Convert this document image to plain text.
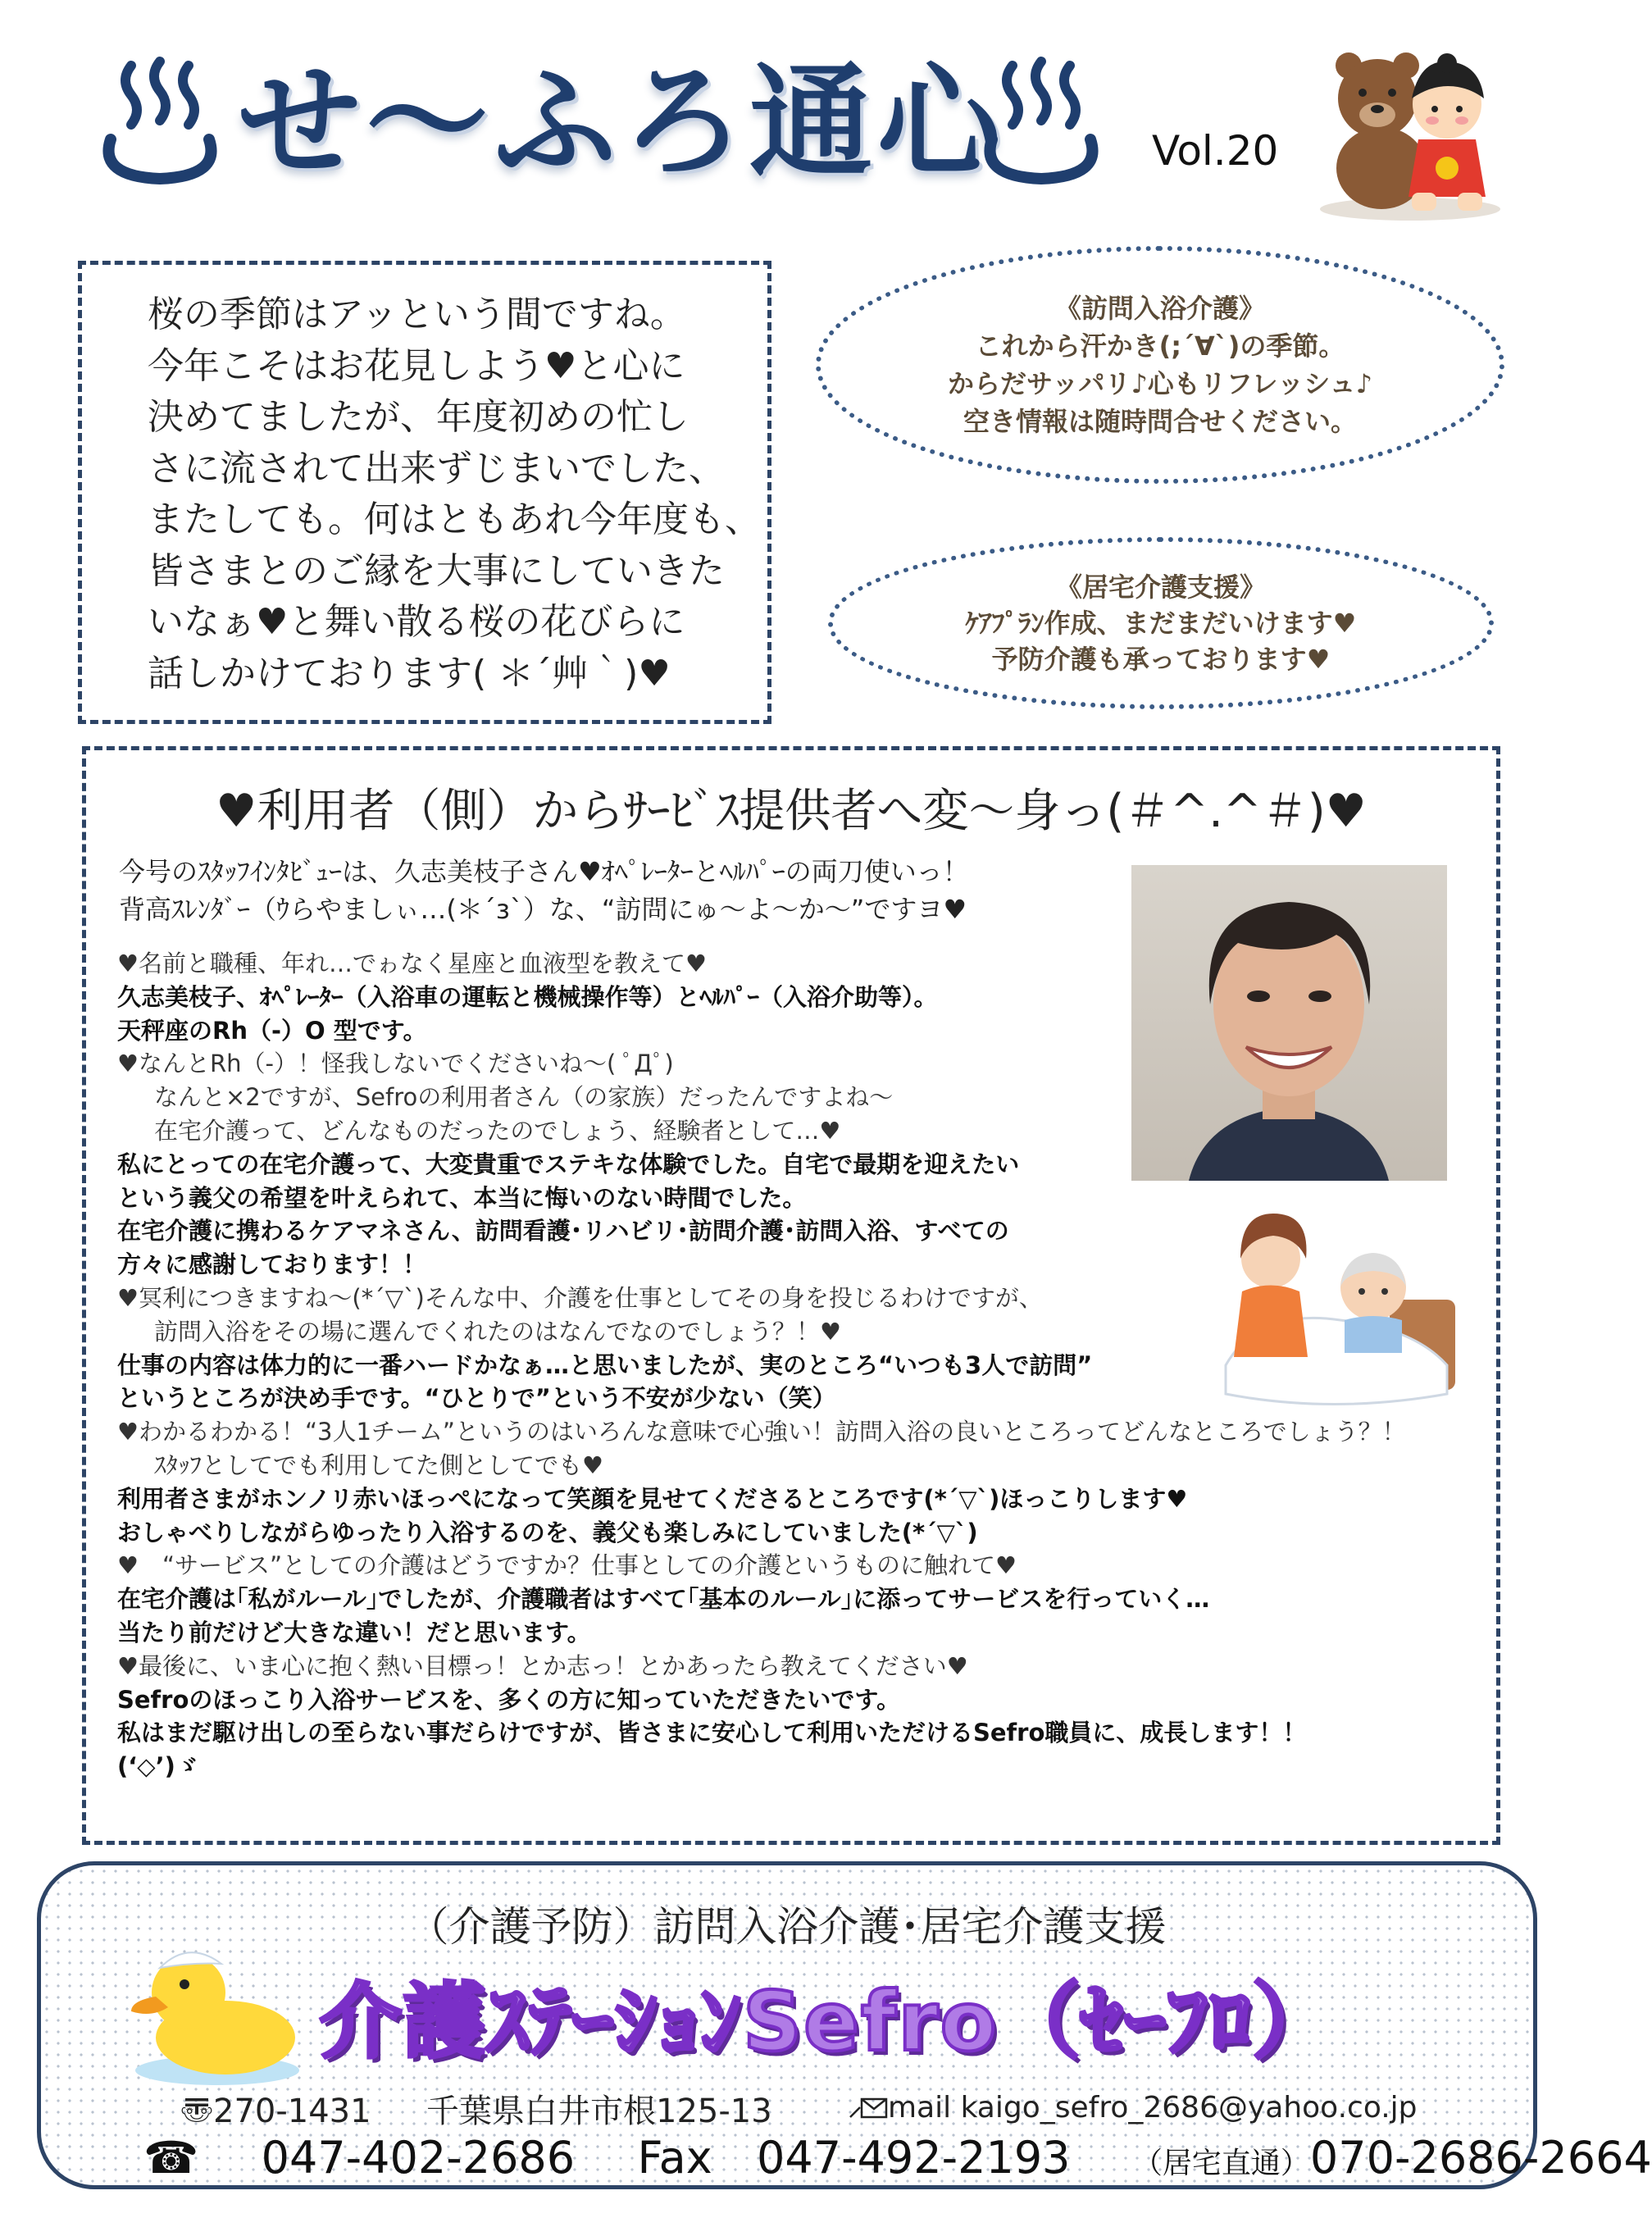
せ〜ふろ通心	Vol.20
桜の季節はアッという間ですね。
今年こそはお花見しよう♥と心に
決めてましたが、年度初めの忙し
さに流されて出来ずじまいでした、
またしても。何はともあれ今年度も、
皆さまとのご縁を大事にしていきた
いなぁ♥と舞い散る桜の花びらに
話しかけております( ＊´艸｀)♥
《訪問入浴介護》
これから汗かき(;´∀`)の季節。
からだサッパリ♪心もリフレッシュ♪
空き情報は随時問合せください。
《居宅介護支援》
ｹｱﾌﾟﾗﾝ作成、まだまだいけます♥
予防介護も承っております♥
♥利用者（側）からｻｰﾋﾞｽ提供者へ変〜身っ(＃^.^＃)♥
今号のｽﾀｯﾌｲﾝﾀﾋﾞｭｰは、久志美枝子さん♥ｵﾍﾟﾚｰﾀｰとﾍﾙﾊﾟｰの両刀使いっ！
背高ｽﾚﾝﾀﾞｰ（ｳらやましぃ…(＊´з`）な、“訪問にゅ〜よ〜か〜”ですヨ♥
♥名前と職種、年れ…でゎなく星座と血液型を教えて♥
久志美枝子、ｵﾍﾟﾚｰﾀｰ（入浴車の運転と機械操作等）とﾍﾙﾊﾟｰ（入浴介助等）。
天秤座のRh（-）O 型です。
♥なんとRh（-）！怪我しないでくださいね〜( ﾟДﾟ)
なんと×2ですが、Sefroの利用者さん（の家族）だったんですよね〜
在宅介護って、どんなものだったのでしょう、経験者として…♥
私にとっての在宅介護って、大変貴重でステキな体験でした。自宅で最期を迎えたい
という義父の希望を叶えられて、本当に悔いのない時間でした。
在宅介護に携わるケアマネさん、訪問看護･リハビリ･訪問介護･訪問入浴、すべての
方々に感謝しております！！
♥冥利につきますね〜(*´▽`)そんな中、介護を仕事としてその身を投じるわけですが、
訪問入浴をその場に選んでくれたのはなんでなのでしょう？！♥
仕事の内容は体力的に一番ハードかなぁ…と思いましたが、実のところ“いつも3人で訪問”
というところが決め手です。“ひとりで”という不安が少ない（笑）
♥わかるわかる！“3人1チーム”というのはいろんな意味で心強い！訪問入浴の良いところってどんなところでしょう？！
ｽﾀｯﾌとしてでも利用してた側としてでも♥
利用者さまがホンノリ赤いほっぺになって笑顔を見せてくださるところです(*´▽`)ほっこりします♥
おしゃべりしながらゆったり入浴するのを、義父も楽しみにしていました(*´▽`)
♥　“サービス”としての介護はどうですか？仕事としての介護というものに触れて♥
在宅介護は｢私がルール｣でしたが、介護職者はすべて｢基本のルール｣に添ってサービスを行っていく…
当たり前だけど大きな違い！だと思います。
♥最後に、いま心に抱く熱い目標っ！とか志っ！とかあったら教えてください♥
Sefroのほっこり入浴サービスを、多くの方に知っていただきたいです。
私はまだ駆け出しの至らない事だらけですが、皆さまに安心して利用いただけるSefro職員に、成長します！！
(‘◇’)ゞ
（介護予防）訪問入浴介護･居宅介護支援
介護ｽﾃｰｼｮﾝSefro（ｾｰﾌﾛ）
〠270-1431 千葉県白井市根125-13	mail kaigo_sefro_2686@yahoo.co.jp
☎ 047-402-2686 Fax 047-492-2193 （居宅直通）070-2686-2664
